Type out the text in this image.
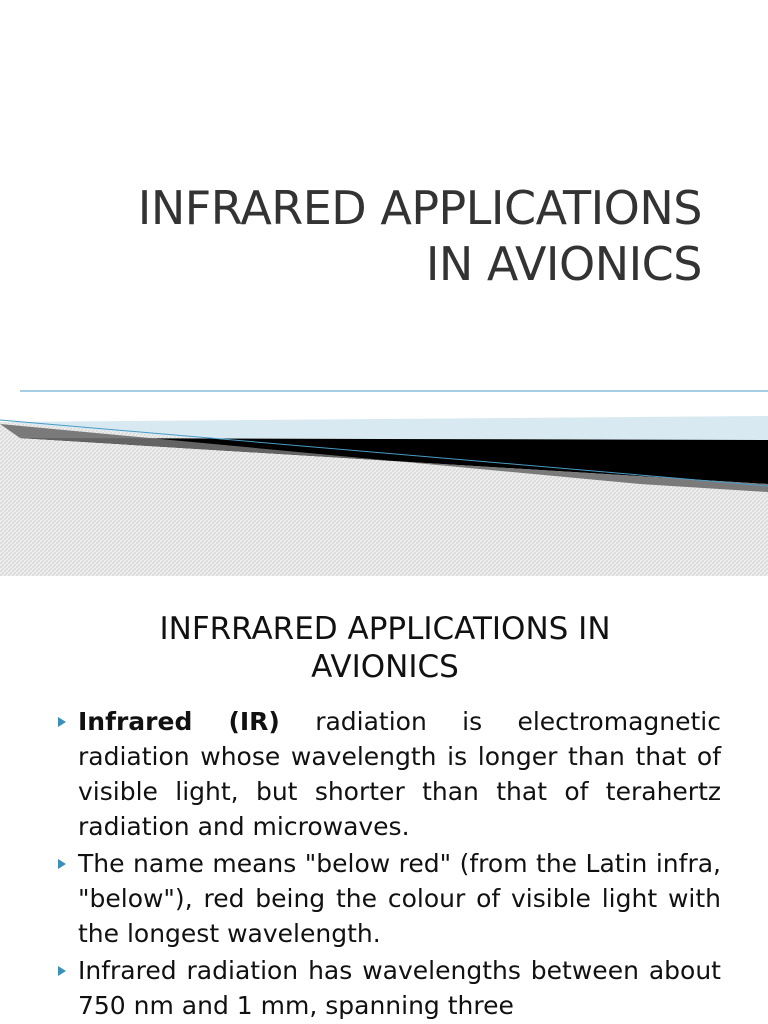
INFRARED APPLICATIONS
IN AVIONICS
INFRRARED APPLICATIONS IN
AVIONICS
Infrared (IR) radiation is electromagnetic radiation whose wavelength is longer than that of visible light, but shorter than that of terahertz radiation and microwaves.
The name means "below red" (from the Latin infra, "below"), red being the colour of visible light with the longest wavelength.
Infrared radiation has wavelengths between about 750 nm and 1 mm, spanning three
